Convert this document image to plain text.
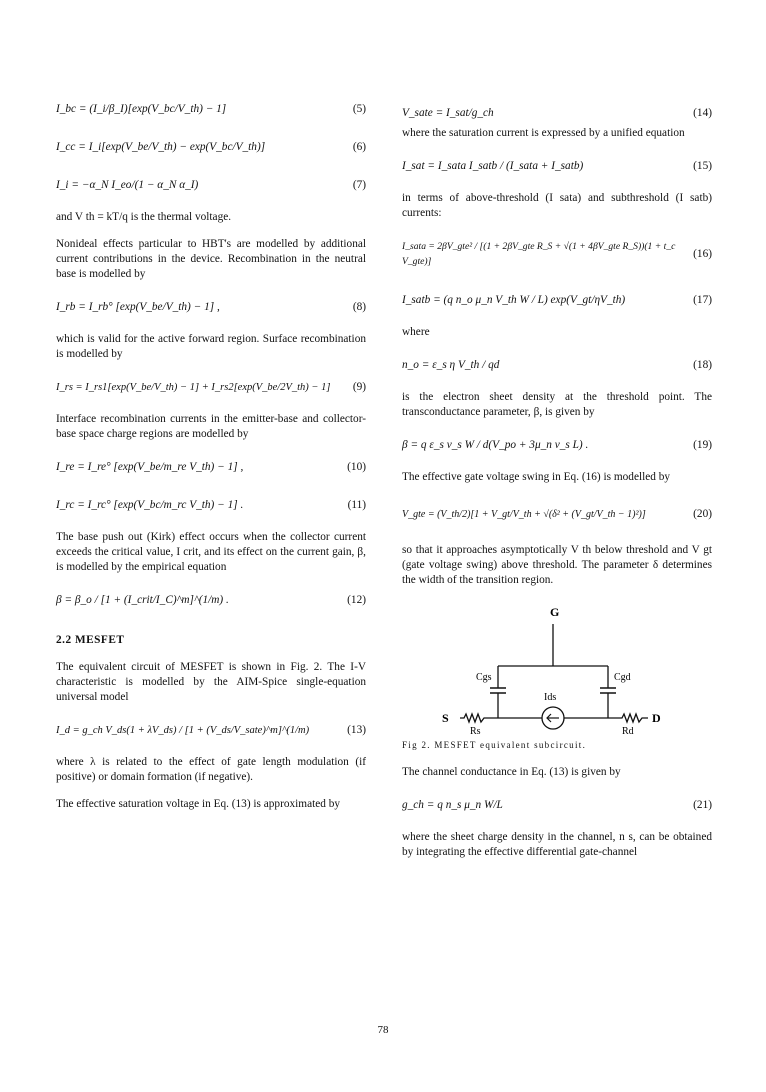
I_bc = (I_i/β_I)[exp(V_bc/V_th) − 1]	(5)
I_cc = I_i[exp(V_be/V_th) − exp(V_bc/V_th)]	(6)
I_i = −α_N I_eo/(1 − α_N α_I)	(7)

and V th = kT/q is the thermal voltage.

Nonideal effects particular to HBT's are modelled by additional current contributions in the device. Recombination in the neutral base is modelled by

I_rb = I_rb° [exp(V_be/V_th) − 1] ,	(8)

which is valid for the active forward region. Surface recombination is modelled by

I_rs = I_rs1[exp(V_be/V_th) − 1] + I_rs2[exp(V_be/2V_th) − 1]	(9)

Interface recombination currents in the emitter-base and collector-base space charge regions are modelled by

I_re = I_re° [exp(V_be/m_re V_th) − 1] ,	(10)
I_rc = I_rc° [exp(V_bc/m_rc V_th) − 1] .	(11)

The base push out (Kirk) effect occurs when the collector current exceeds the critical value, I crit, and its effect on the current gain, β, is modelled by the empirical equation

β = β_o / [1 + (I_crit/I_C)^m]^(1/m) .	(12)

2.2 MESFET

The equivalent circuit of MESFET is shown in Fig. 2. The I-V characteristic is modelled by the AIM-Spice single-equation universal model

I_d = g_ch V_ds(1 + λV_ds) / [1 + (V_ds/V_sate)^m]^(1/m)	(13)

where λ is related to the effect of gate length modulation (if positive) or domain formation (if negative).

The effective saturation voltage in Eq. (13) is approximated by

V_sate = I_sat/g_ch	(14)

where the saturation current is expressed by a unified equation

I_sat = I_sata I_satb / (I_sata + I_satb)	(15)

in terms of above-threshold (I sata) and subthreshold (I satb) currents:

I_sata = 2βV_gte² / [(1 + 2βV_gte R_S + √(1 + 4βV_gte R_S))(1 + t_c V_gte)]
(16)
I_satb = (q n_o μ_n V_th W / L) exp(V_gt/ηV_th)	(17)

where

n_o = ε_s η V_th / qd	(18)

is the electron sheet density at the threshold point. The transconductance parameter, β, is given by

β = q ε_s v_s W / d(V_po + 3μ_n v_s L) .	(19)

The effective gate voltage swing in Eq. (16) is modelled by

V_gte = (V_th/2)[1 + V_gt/V_th + √(δ² + (V_gt/V_th − 1)²)]	(20)

so that it approaches asymptotically V th below threshold and V gt (gate voltage swing) above threshold. The parameter δ determines the width of the transition region.

G
Cgs	Cgd
S
Rs
Ids
Rd
D

Fig 2. MESFET equivalent subcircuit.

The channel conductance in Eq. (13) is given by

g_ch = q n_s μ_n W/L	(21)

where the sheet charge density in the channel, n s, can be obtained by integrating the effective differential gate-channel

78
